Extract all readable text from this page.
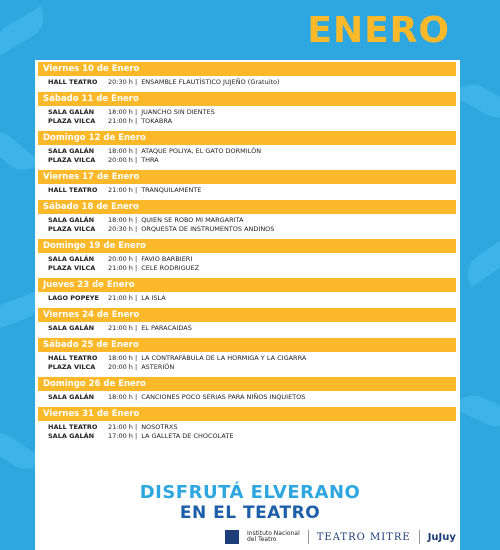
ENERO
Viernes 10 de Enero
HALL TEATRO 20:30 h | ENSAMBLE FLAUTÍSTICO JUJEÑO (Gratuito)
Sábado 11 de Enero
SALA GALÁN 18:00 h | JUANCHO SIN DIENTES
PLAZA VILCA 21:00 h | TOKABRA
Domingo 12 de Enero
SALA GALÁN 18:00 h | ATAQUE POLIYA, EL GATO DORMILÓN
PLAZA VILCA 20:00 h | THRA
Viernes 17 de Enero
HALL TEATRO 21:00 h | TRANQUILAMENTE
Sábado 18 de Enero
SALA GALÁN 18:00 h | QUIEN SE ROBO MI MARGARITA
PLAZA VILCA 20:30 h | ORQUESTA DE INSTRUMENTOS ANDINOS
Domingo 19 de Enero
SALA GALÁN 20:00 h | FAVIO BARBIERI
PLAZA VILCA 21:00 h | CELE RODRIGUEZ
Jueves 23 de Enero
LAGO POPEYE 21:00 h | LA ISLA
Viernes 24 de Enero
SALA GALÁN 21:00 h | EL PARACAIDAS
Sábado 25 de Enero
HALL TEATRO 18:00 h | LA CONTRAFÁBULA DE LA HORMIGA Y LA CIGARRA
PLAZA VILCA 20:00 h | ASTERIÓN
Domingo 26 de Enero
SALA GALÁN 18:00 h | CANCIONES POCO SERIAS PARA NIÑOS INQUIETOS
Viernes 31 de Enero
HALL TEATRO 21:00 h | NOSOTRXS
SALA GALÁN 17:00 h | LA GALLETA DE CHOCOLATE
DISFRUTÁ ELVERANO
EN EL TEATRO
Instituto Nacional
del Teatro	TEATRO MITRE JuJuy
